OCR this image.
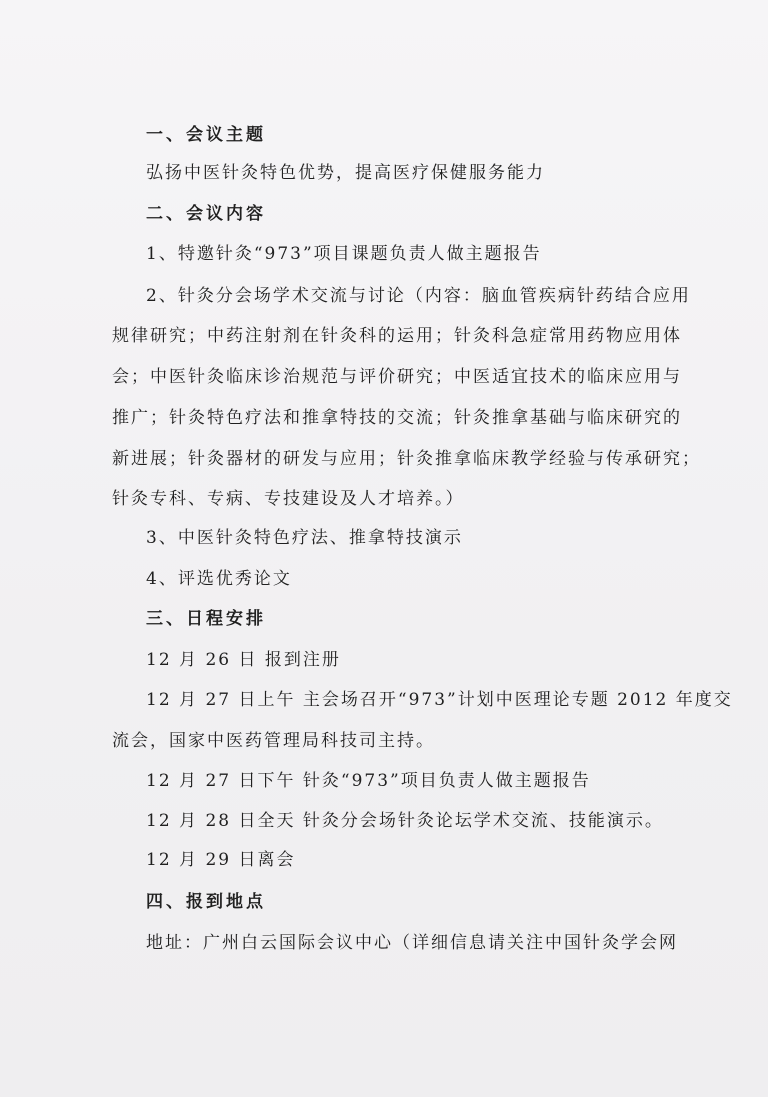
一、会议主题
弘扬中医针灸特色优势，提高医疗保健服务能力
二、会议内容
1、特邀针灸“973”项目课题负责人做主题报告
2、针灸分会场学术交流与讨论（内容：脑血管疾病针药结合应用
规律研究；中药注射剂在针灸科的运用；针灸科急症常用药物应用体
会；中医针灸临床诊治规范与评价研究；中医适宜技术的临床应用与
推广；针灸特色疗法和推拿特技的交流；针灸推拿基础与临床研究的
新进展；针灸器材的研发与应用；针灸推拿临床教学经验与传承研究；
针灸专科、专病、专技建设及人才培养。）
3、中医针灸特色疗法、推拿特技演示
4、评选优秀论文
三、日程安排
12 月 26 日 报到注册
12 月 27 日上午 主会场召开“973”计划中医理论专题 2012 年度交
流会，国家中医药管理局科技司主持。
12 月 27 日下午 针灸“973”项目负责人做主题报告
12 月 28 日全天 针灸分会场针灸论坛学术交流、技能演示。
12 月 29 日离会
四、报到地点
地址：广州白云国际会议中心（详细信息请关注中国针灸学会网
